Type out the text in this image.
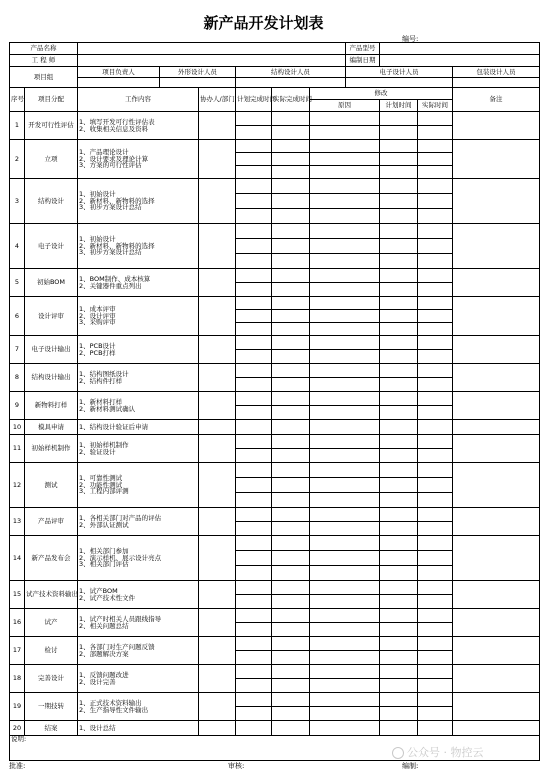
新产品开发计划表
编号:
产品名称								产品型号			
工 程 师								编制日期			
项目组		项目负责人	外形设计人员		结构设计人员			电子设计人员			包装设计人员

序号	项目分配	工作内容		协办人/部门	计划完成时间	实际完成时间	修改				备注
							原因		计划时间	实际时间	
1	开发可行性评估	1、填写开发可行性评估表
2、收集相关信息及资料									

2	立项	1、产品理论设计
2、设计要求及理论计算
3、方案的可行性评估									

3	结构设计	1、初始设计
2、新材料、新物料的选择
3、初步方案设计总结									

4	电子设计	1、初始设计
2、新材料、新物料的选择
3、初步方案设计总结									

5	初始BOM	1、BOM制作、成本核算
2、关键器件重点列出									

6	设计评审	1、成本评审
2、设计评审
3、采购评审									

7	电子设计输出	1、PCB设计
2、PCB打样									

8	结构设计输出	1、结构图纸设计
2、结构件打样									

9	新物料打样	1、新材料打样
2、新材料测试确认									

10	模具申请	1、结构设计验证后申请									

11	初始样机制作	1、初始样机制作
2、验证设计									

12	测试	1、可靠性测试
2、功能性测试
3、工程内部评测									

13	产品评审	1、各相关部门对产品的评估
2、外部认证测试									

14	新产品发布会	1、相关部门参加
2、演示样机、展示设计亮点
3、相关部门评估									

15	试产技术资料输出	1、试产BOM
2、试产技术性文件									

16	试产	1、试产时相关人员跟线指导
2、相关问题总结									

17	检讨	1、各部门对生产问题反馈
2、部题解决方案									

18	完善设计	1、反馈问题改进
2、设计完善									

19	一期技转	1、正式技术资料输出
2、生产指导性文件输出									

20	结案	1、设计总结									

说明:											
批准:	审核:	编制:
公众号 · 物控云
